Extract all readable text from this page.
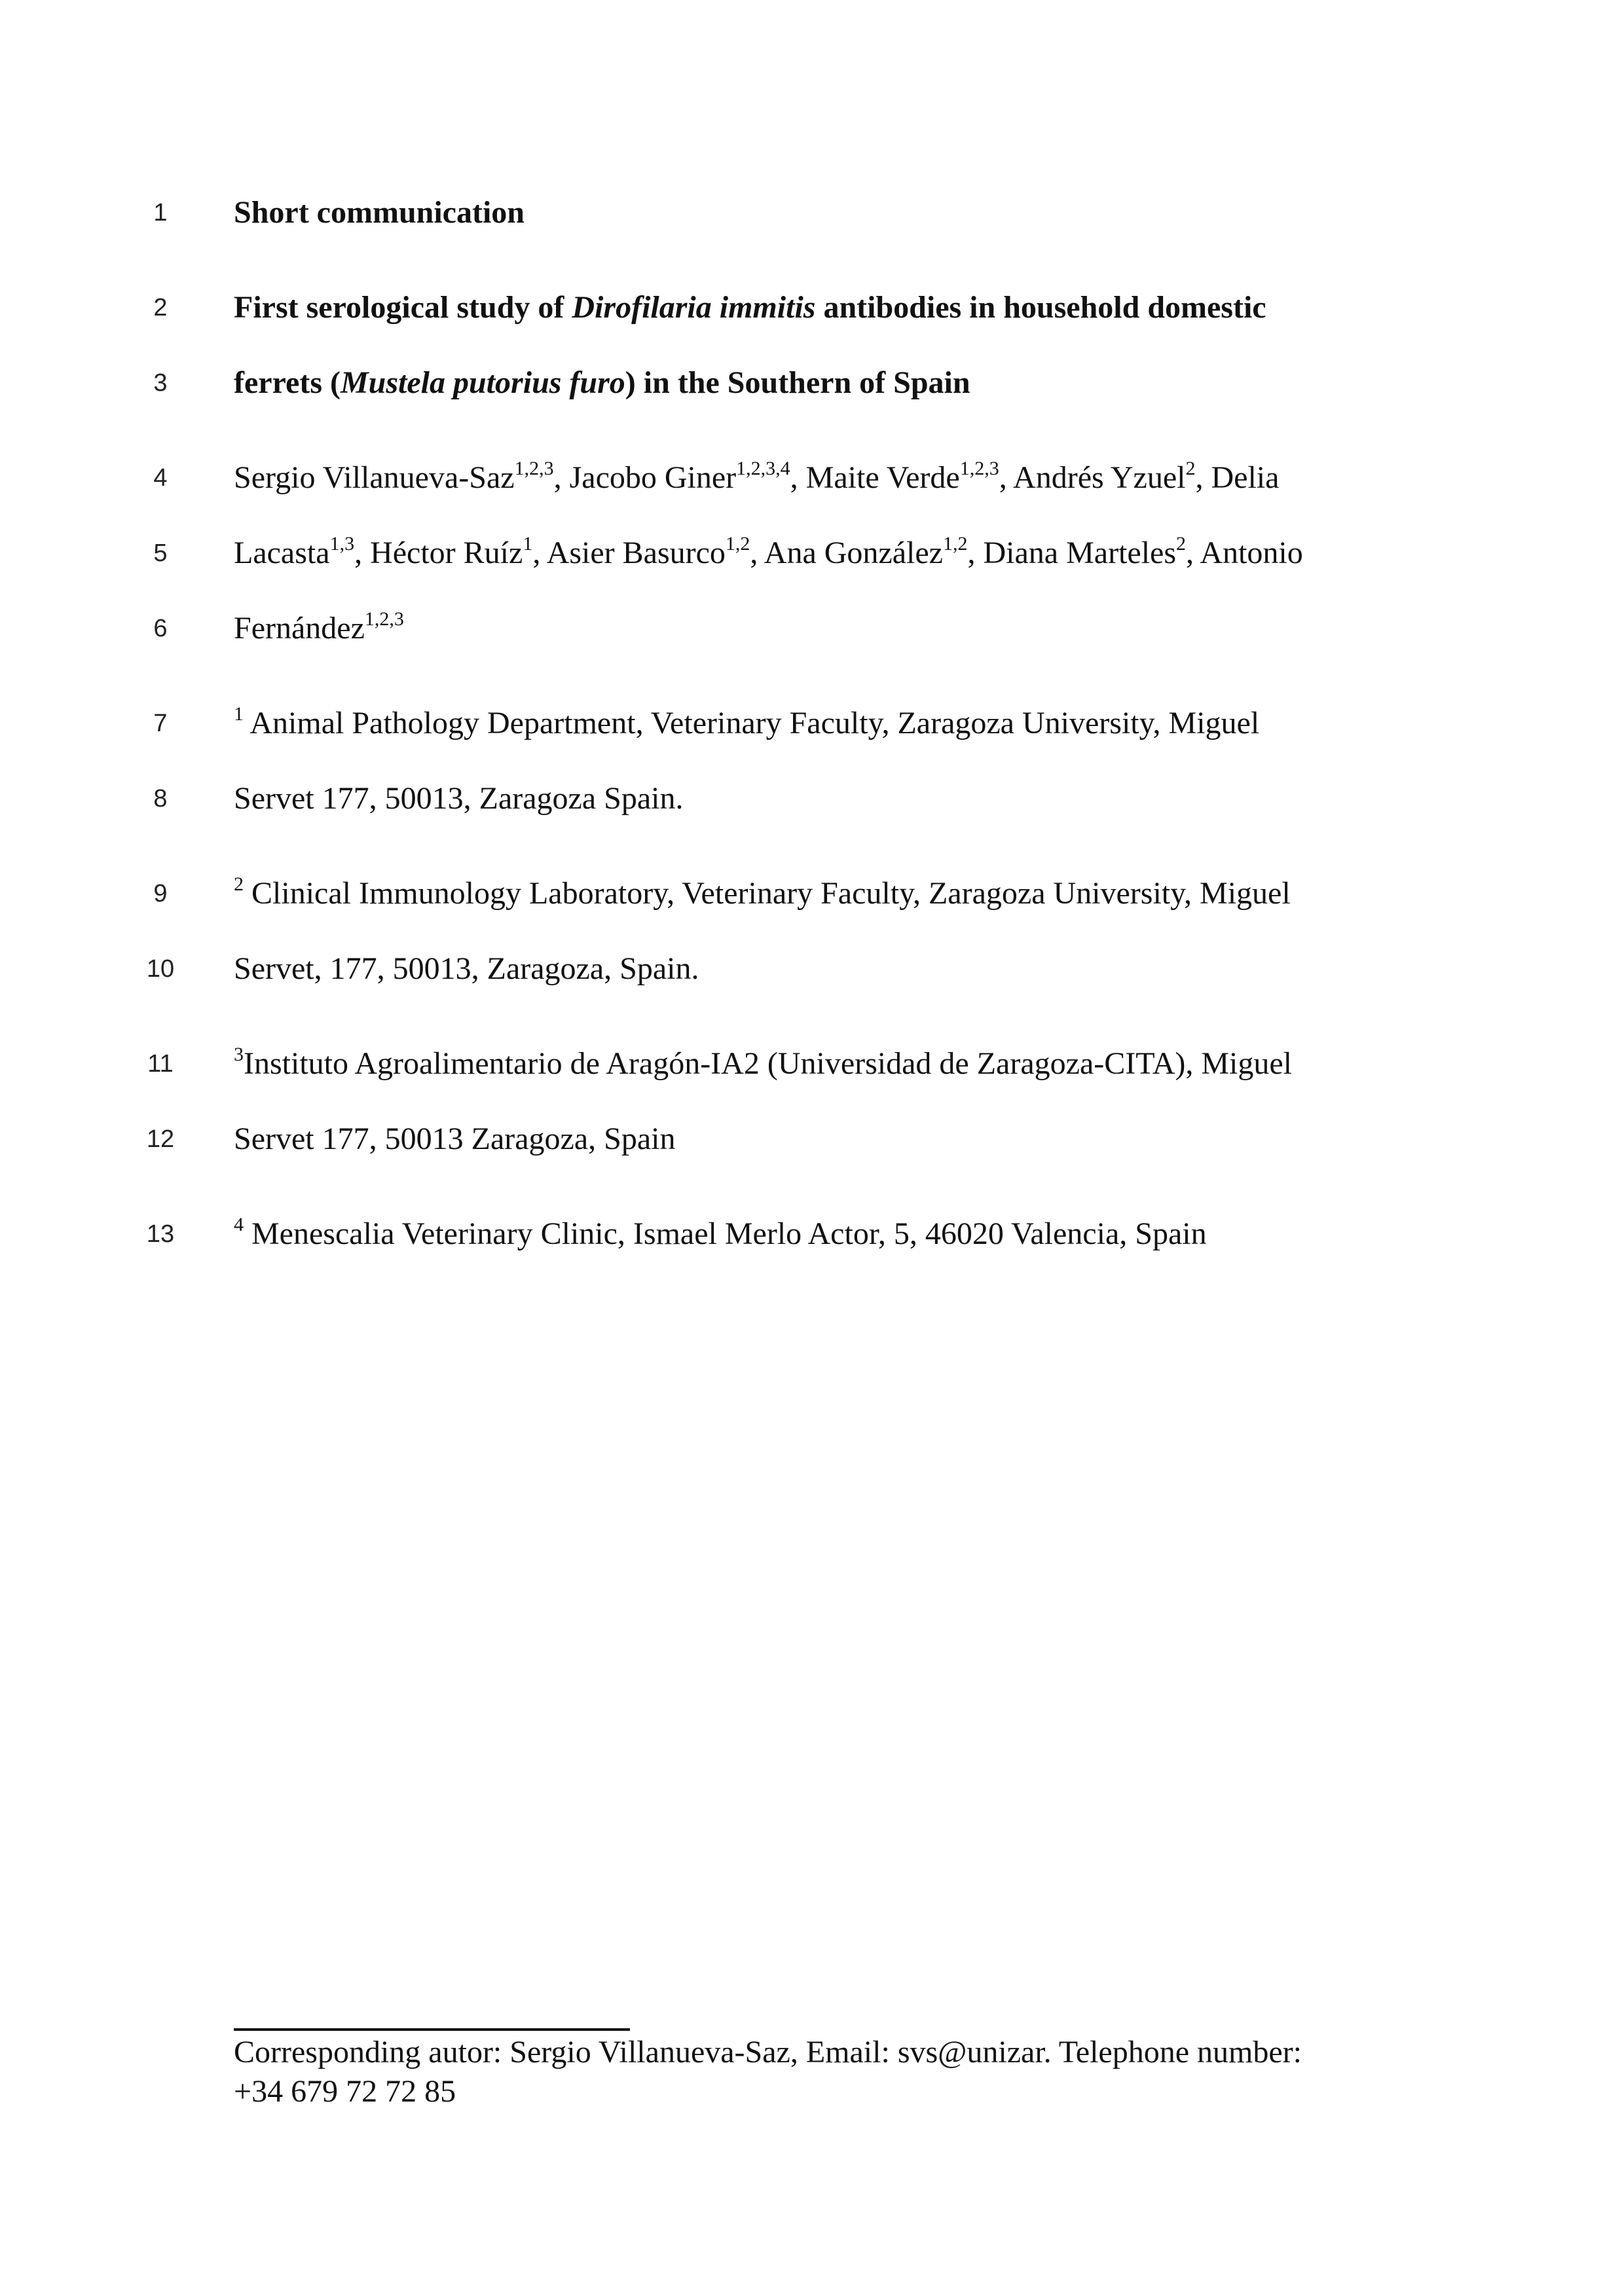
1	Short communication
2	First serological study of Dirofilaria immitis antibodies in household domestic
3	ferrets (Mustela putorius furo) in the Southern of Spain
4	Sergio Villanueva-Saz$^{1,2,3}$, Jacobo Giner$^{1,2,3,4}$, Maite Verde$^{1,2,3}$, Andrés Yzuel$^2$, Delia
5	Lacasta$^{1,3}$, Héctor Ruíz$^1$, Asier Basurco$^{1,2}$, Ana González$^{1,2}$, Diana Marteles$^2$, Antonio
6	Fernández$^{1,2,3}$
7	$^1$ Animal Pathology Department, Veterinary Faculty, Zaragoza University, Miguel
8	Servet 177, 50013, Zaragoza Spain.
9	$^2$ Clinical Immunology Laboratory, Veterinary Faculty, Zaragoza University, Miguel
10	Servet, 177, 50013, Zaragoza, Spain.
11	$^3$Instituto Agroalimentario de Aragón-IA2 (Universidad de Zaragoza-CITA), Miguel
12	Servet 177, 50013 Zaragoza, Spain
13	$^4$ Menescalia Veterinary Clinic, Ismael Merlo Actor, 5, 46020 Valencia, Spain
Corresponding autor: Sergio Villanueva-Saz, Email: svs@unizar. Telephone number:
+34 679 72 72 85
